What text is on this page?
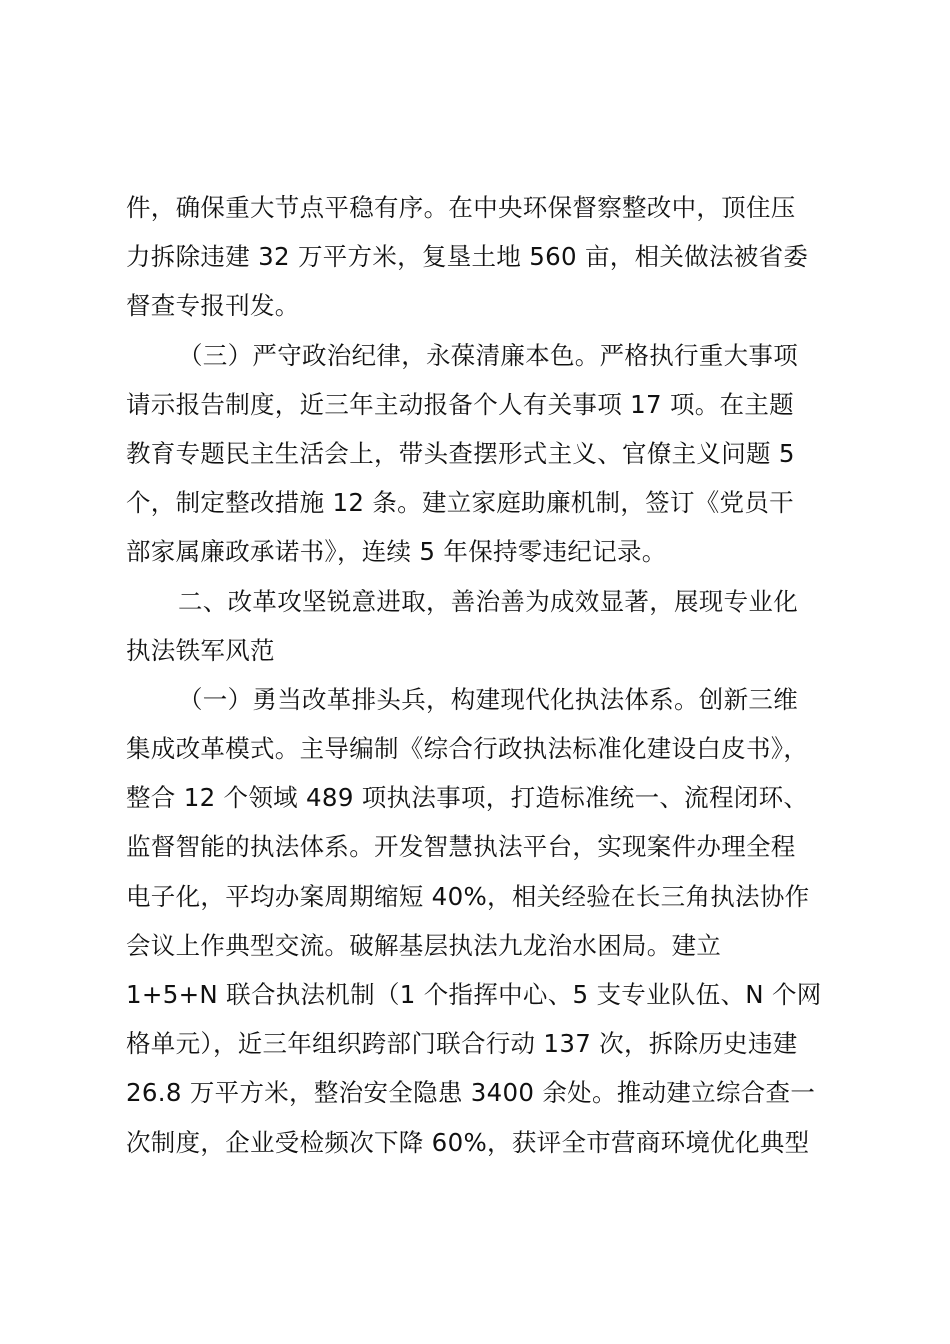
件，确保重大节点平稳有序。在中央环保督察整改中，顶住压
力拆除违建 32 万平方米，复垦土地 560 亩，相关做法被省委
督查专报刊发。
（三）严守政治纪律，永葆清廉本色。严格执行重大事项
请示报告制度，近三年主动报备个人有关事项 17 项。在主题
教育专题民主生活会上，带头查摆形式主义、官僚主义问题 5
个，制定整改措施 12 条。建立家庭助廉机制，签订《党员干
部家属廉政承诺书》，连续 5 年保持零违纪记录。
二、改革攻坚锐意进取，善治善为成效显著，展现专业化
执法铁军风范
（一）勇当改革排头兵，构建现代化执法体系。创新三维
集成改革模式。主导编制《综合行政执法标准化建设白皮书》，
整合 12 个领域 489 项执法事项，打造标准统一、流程闭环、
监督智能的执法体系。开发智慧执法平台，实现案件办理全程
电子化，平均办案周期缩短 40%，相关经验在长三角执法协作
会议上作典型交流。破解基层执法九龙治水困局。建立
1+5+N 联合执法机制（1 个指挥中心、5 支专业队伍、N 个网
格单元），近三年组织跨部门联合行动 137 次，拆除历史违建
26.8 万平方米，整治安全隐患 3400 余处。推动建立综合查一
次制度，企业受检频次下降 60%，获评全市营商环境优化典型
